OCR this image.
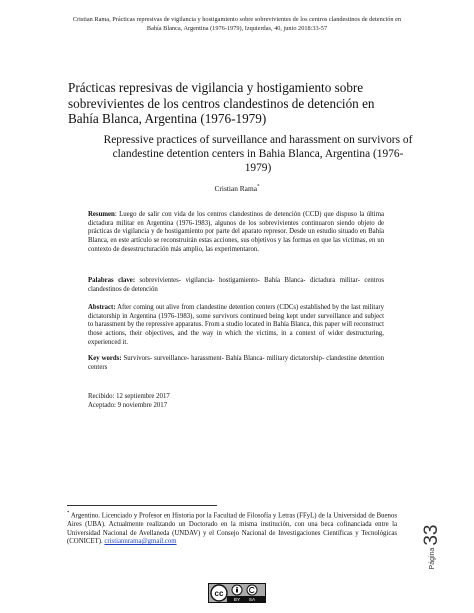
Cristian Rama, Prácticas represivas de vigilancia y hostigamiento sobre sobrevivientes de los centros clandestinos de detención en
Bahía Blanca, Argentina (1976-1979), Izquierdas, 40, junio 2018:33-57
Prácticas represivas de vigilancia y hostigamiento sobre sobrevivientes de los centros clandestinos de detención en Bahía Blanca, Argentina (1976-1979)
Repressive practices of surveillance and harassment on survivors of clandestine detention centers in Bahia Blanca, Argentina (1976-1979)
Cristian Rama*
Resumen: Luego de salir con vida de los centros clandestinos de detención (CCD) que dispuso la última dictadura militar en Argentina (1976-1983), algunos de los sobrevivientes continuaron siendo objeto de prácticas de vigilancia y de hostigamiento por parte del aparato represor. Desde un estudio situado en Bahía Blanca, en este artículo se reconstruirán estas acciones, sus objetivos y las formas en que las víctimas, en un contexto de desestructuración más amplio, las experimentaron.
Palabras clave: sobrevivientes- vigilancia- hostigamiento- Bahía Blanca- dictadura militar- centros clandestinos de detención
Abstract: After coming out alive from clandestine detention centers (CDCs) established by the last military dictatorship in Argentina (1976-1983), some survivors continued being kept under surveillance and subject to harassment by the repressive apparatus. From a studio located in Bahía Blanca, this paper will reconstruct those actions, their objectives, and the way in which the victims, in a context of wider destructuring, experienced it.
Key words: Survivors- surveillance- harassment- Bahía Blanca- military dictatorship- clandestine detention centers
Recibido: 12 septiembre 2017
Aceptado: 9 noviembre 2017
* Argentino. Licenciado y Profesor en Historia por la Facultad de Filosofía y Letras (FFyL) de la Universidad de Buenos Aires (UBA). Actualmente realizando un Doctorado en la misma institución, con una beca cofinanciada entre la Universidad Nacional de Avellaneda (UNDAV) y el Consejo Nacional de Investigaciones Científicas y Tecnológicas (CONICET). cristiannrama@gmail.com
Página33
cc
BY SA
